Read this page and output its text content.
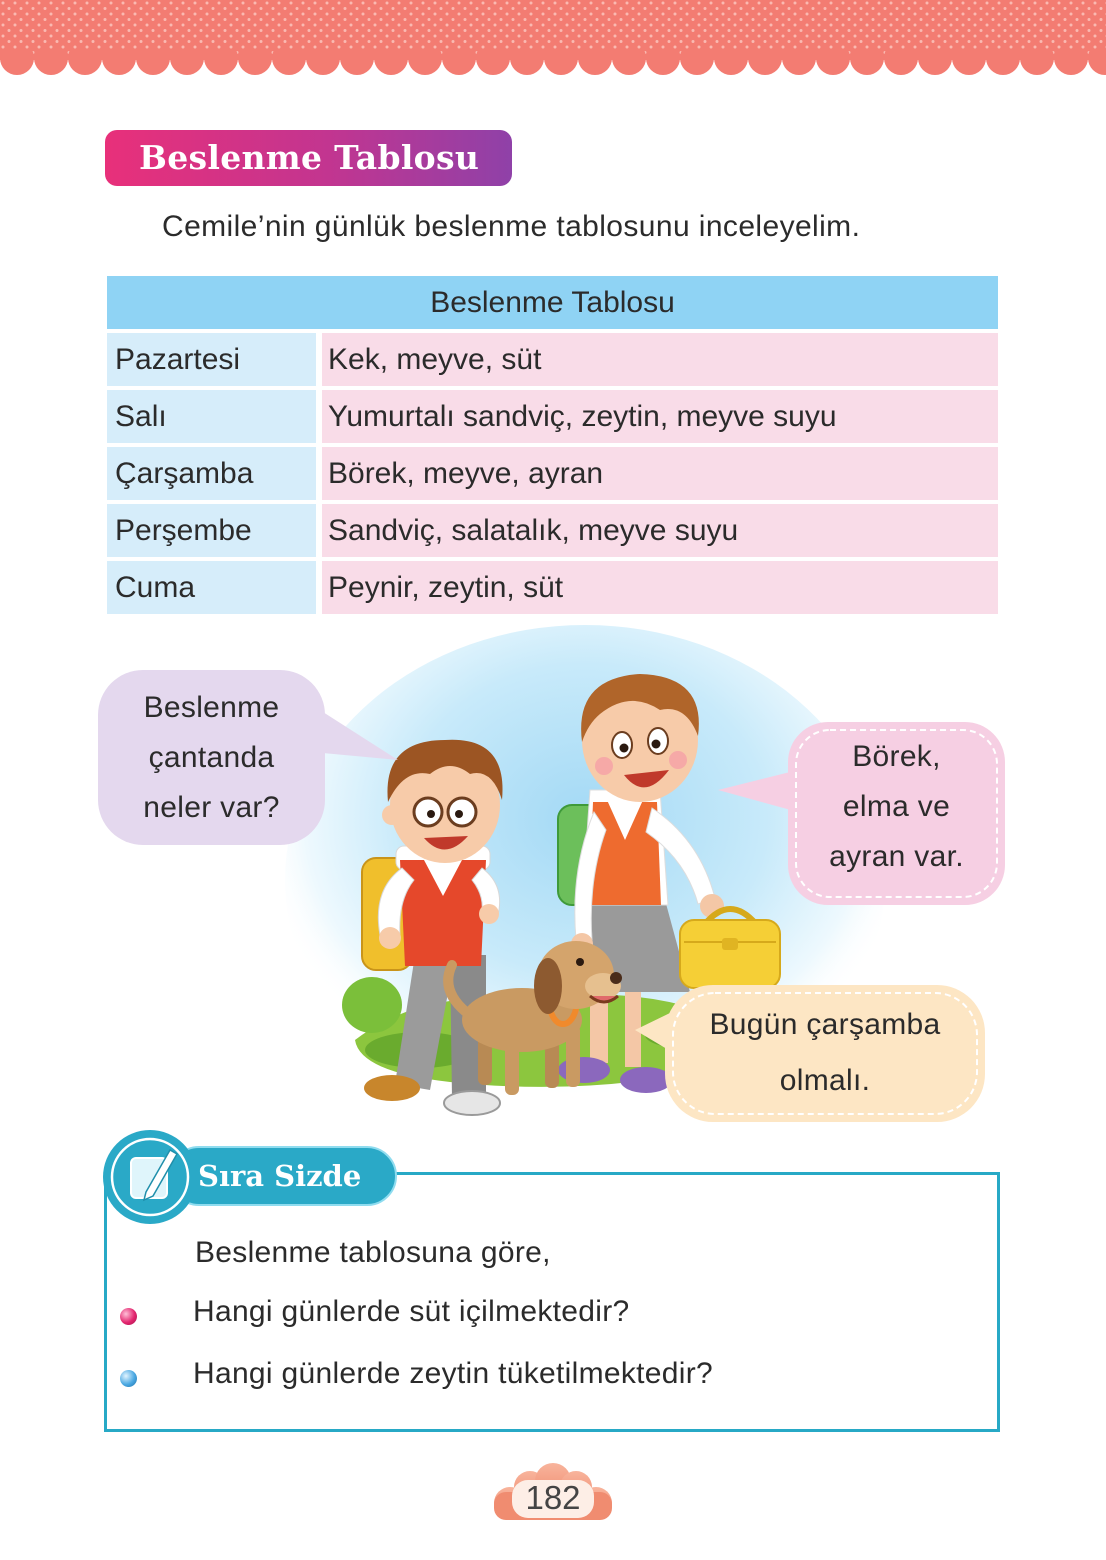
Beslenme Tablosu
Cemile’nin günlük beslenme tablosunu inceleyelim.
Beslenme Tablosu
Pazartesi	Kek, meyve, süt
Salı	Yumurtalı sandviç, zeytin, meyve suyu
Çarşamba	Börek, meyve, ayran
Perşembe	Sandviç, salatalık, meyve suyu
Cuma	Peynir, zeytin, süt
Beslenme
çantanda
neler var?
Börek,
elma ve
ayran var.
Bugün çarşamba
olmalı.
Sıra Sizde
Beslenme tablosuna göre,
Hangi günlerde süt içilmektedir?
Hangi günlerde zeytin tüketilmektedir?
182
